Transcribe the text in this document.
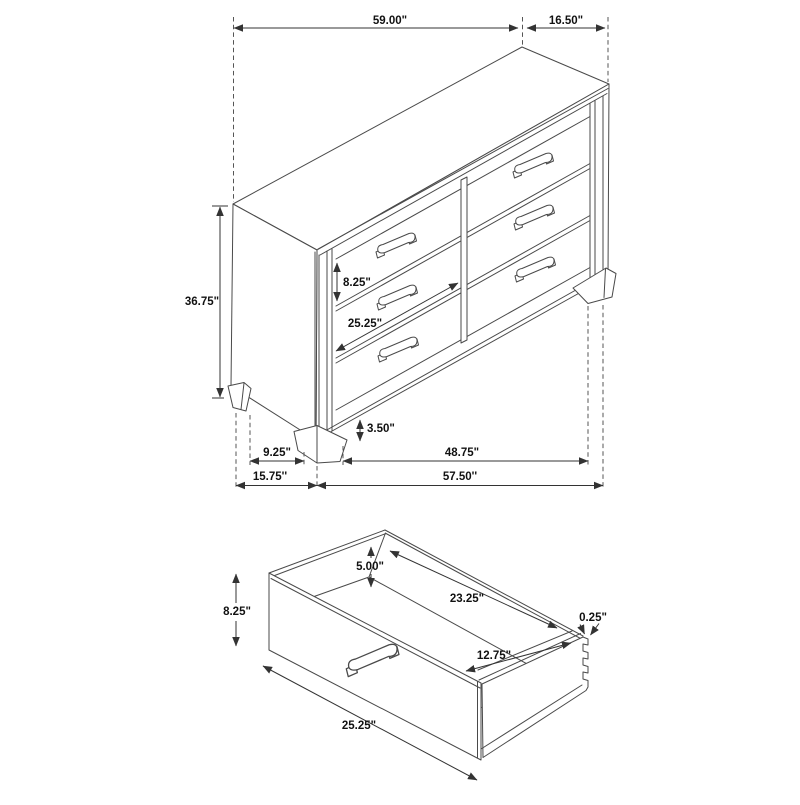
59.00"	16.50"
36.75"
8.25"
25.25"
3.50"
9.25"	48.75"
15.75''	57.50''
8.25"
5.00"
23.25"
12.75"
0.25"
25.25"
